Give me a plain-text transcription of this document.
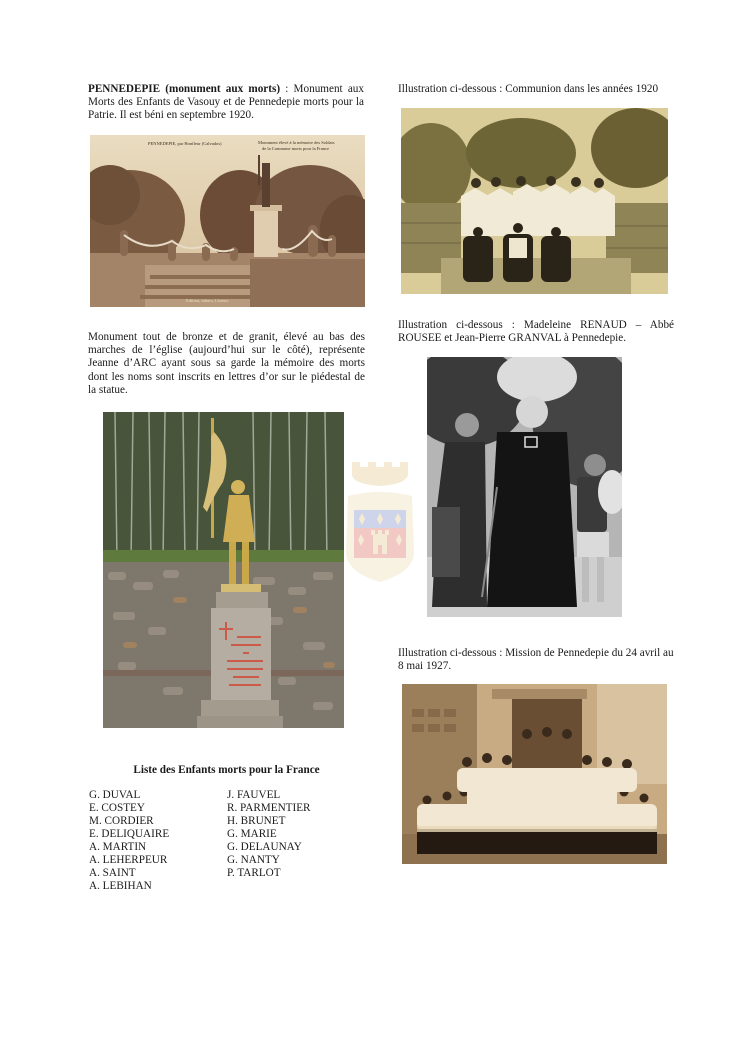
PENNEDEPIE (monument aux morts) : Monument aux Morts des Enfants de Vasouy et de Pennedepie morts pour la Patrie. Il est béni en septembre 1920.
PENNEDEPIE, par Honfleur (Calvados)	Monument élevé à la mémoire des Soldats
de la Commune morts pour la France
Edition, tabacs, Lisieux
Monument tout de bronze et de granit, élevé au bas des marches de l’église (aujourd’hui sur le côté), représente Jeanne d’ARC ayant sous sa garde la mémoire des morts dont les noms sont inscrits en lettres d’or sur le piédestal de la statue.
Liste des Enfants morts pour la France
G. DUVAL
E. COSTEY
M. CORDIER
E. DELIQUAIRE
A. MARTIN
A. LEHERPEUR
A. SAINT
A. LEBIHAN
J. FAUVEL
R. PARMENTIER
H. BRUNET
G. MARIE
G. DELAUNAY
G. NANTY
P. TARLOT
Illustration ci-dessous : Communion dans les années 1920
Illustration ci-dessous : Madeleine RENAUD – Abbé ROUSEE et Jean-Pierre GRANVAL à Pennedepie.
Illustration ci-dessous : Mission de Pennedepie du 24 avril au 8 mai 1927.
